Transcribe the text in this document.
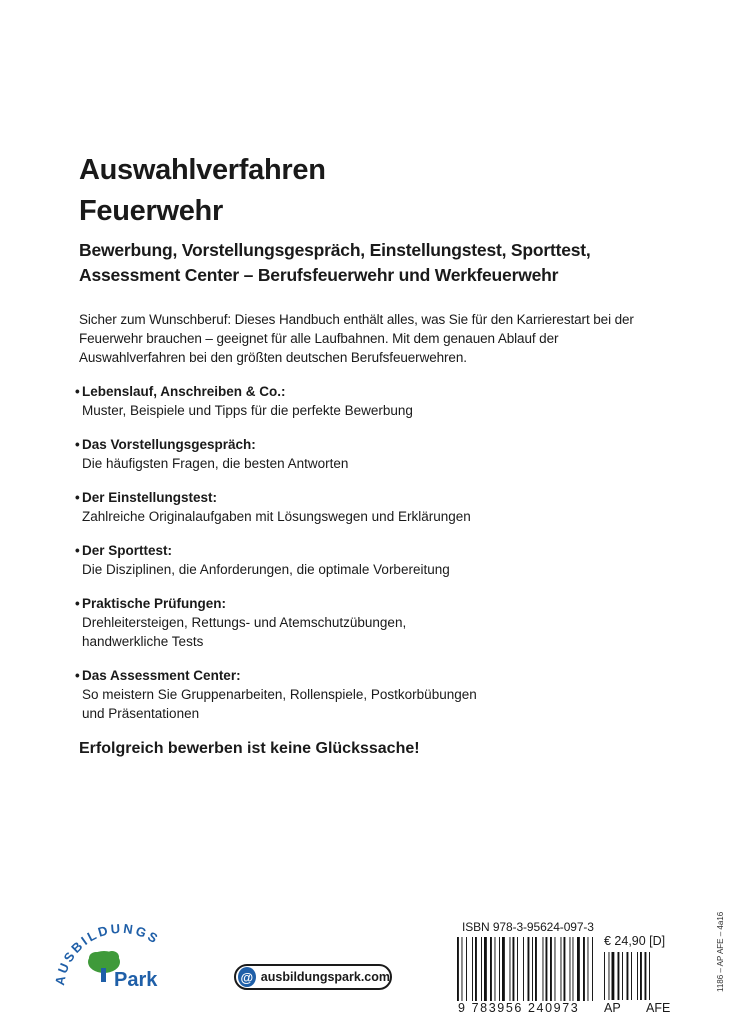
Auswahlverfahren
Feuerwehr

Bewerbung, Vorstellungsgespräch, Einstellungstest, Sporttest, Assessment Center – Berufsfeuerwehr und Werkfeuerwehr

Sicher zum Wunschberuf: Dieses Handbuch enthält alles, was Sie für den Karrierestart bei der Feuerwehr brauchen – geeignet für alle Laufbahnen. Mit dem genauen Ablauf der Auswahlverfahren bei den größten deutschen Berufsfeuerwehren.

• Lebenslauf, Anschreiben & Co.:
Muster, Beispiele und Tipps für die perfekte Bewerbung
• Das Vorstellungsgespräch:
Die häufigsten Fragen, die besten Antworten
• Der Einstellungstest:
Zahlreiche Originalaufgaben mit Lösungswegen und Erklärungen
• Der Sporttest:
Die Disziplinen, die Anforderungen, die optimale Vorbereitung
• Praktische Prüfungen:
Drehleitersteigen, Rettungs- und Atemschutzübungen, handwerkliche Tests
• Das Assessment Center:
So meistern Sie Gruppenarbeiten, Rollenspiele, Postkorbübungen und Präsentationen

Erfolgreich bewerben ist keine Glückssache!

AUSBILDUNGS
Park	@ ausbildungspark.com
ISBN 978-3-95624-097-3
9 783956 240973
€ 24,90 [D]
AP AFE
1186 – AP AFE – 4a16
